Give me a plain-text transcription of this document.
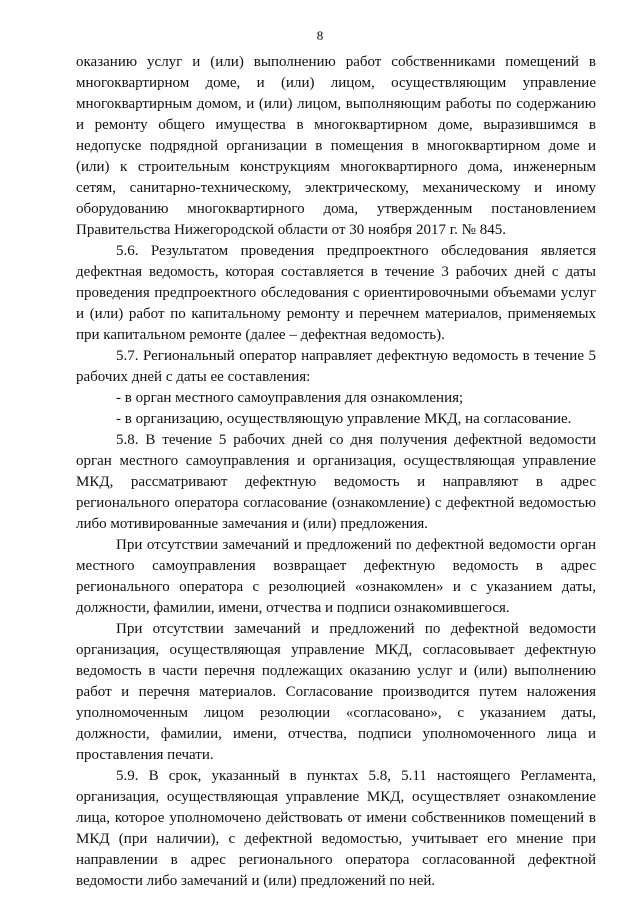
8

оказанию услуг и (или) выполнению работ собственниками помещений в многоквартирном доме, и (или) лицом, осуществляющим управление многоквартирным домом, и (или) лицом, выполняющим работы по содержанию и ремонту общего имущества в многоквартирном доме, выразившимся в недопуске подрядной организации в помещения в многоквартирном доме и (или) к строительным конструкциям многоквартирного дома, инженерным сетям, санитарно-техническому, электрическому, механическому и иному оборудованию многоквартирного дома, утвержденным постановлением Правительства Нижегородской области от 30 ноября 2017 г. № 845.

5.6. Результатом проведения предпроектного обследования является дефектная ведомость, которая составляется в течение 3 рабочих дней с даты проведения предпроектного обследования с ориентировочными объемами услуг и (или) работ по капитальному ремонту и перечнем материалов, применяемых при капитальном ремонте (далее – дефектная ведомость).

5.7. Региональный оператор направляет дефектную ведомость в течение 5 рабочих дней с даты ее составления:

- в орган местного самоуправления для ознакомления;

- в организацию, осуществляющую управление МКД, на согласование.

5.8. В течение 5 рабочих дней со дня получения дефектной ведомости орган местного самоуправления и организация, осуществляющая управление МКД, рассматривают дефектную ведомость и направляют в адрес регионального оператора согласование (ознакомление) с дефектной ведомостью либо мотивированные замечания и (или) предложения.

При отсутствии замечаний и предложений по дефектной ведомости орган местного самоуправления возвращает дефектную ведомость в адрес регионального оператора с резолюцией «ознакомлен» и с указанием даты, должности, фамилии, имени, отчества и подписи ознакомившегося.

При отсутствии замечаний и предложений по дефектной ведомости организация, осуществляющая управление МКД, согласовывает дефектную ведомость в части перечня подлежащих оказанию услуг и (или) выполнению работ и перечня материалов. Согласование производится путем наложения уполномоченным лицом резолюции «согласовано», с указанием даты, должности, фамилии, имени, отчества, подписи уполномоченного лица и проставления печати.

5.9. В срок, указанный в пунктах 5.8, 5.11 настоящего Регламента, организация, осуществляющая управление МКД, осуществляет ознакомление лица, которое уполномочено действовать от имени собственников помещений в МКД (при наличии), с дефектной ведомостью, учитывает его мнение при направлении в адрес регионального оператора согласованной дефектной ведомости либо замечаний и (или) предложений по ней.
